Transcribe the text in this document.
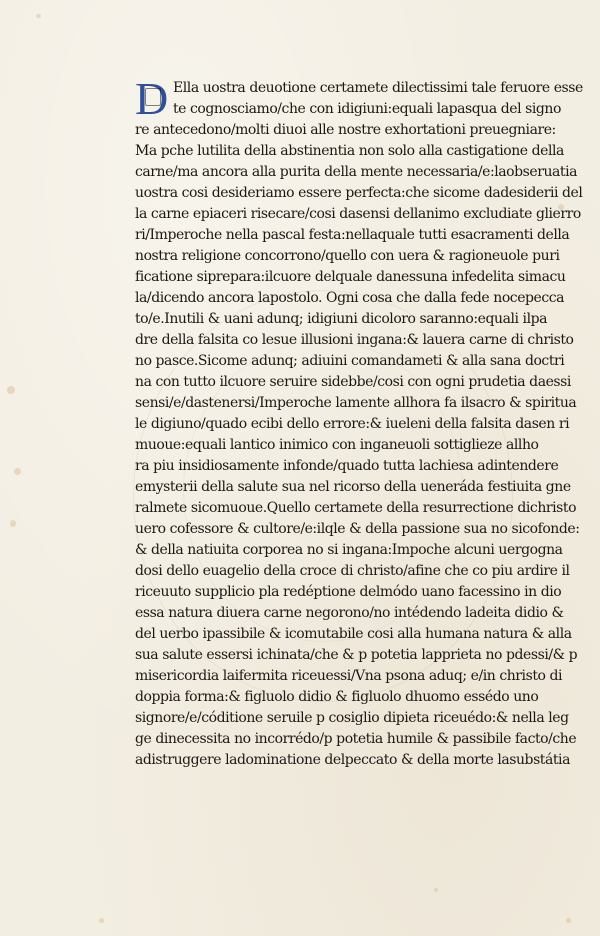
D Ella uostra deuotione certamete dilectissimi tale feruore esse
te cognosciamo/che con idigiuni:equali lapasqua del signo
re antecedono/molti diuoi alle nostre exhortationi preuegniare:
Ma pche lutilita della abstinentia non solo alla castigatione della
carne/ma ancora alla purita della mente necessaria/e:laobseruatia
uostra cosi desideriamo essere perfecta:che sicome dadesiderii del
la carne epiaceri risecare/cosi dasensi dellanimo excludiate glierro
ri/Imperoche nella pascal festa:nellaquale tutti esacramenti della
nostra religione concorrono/quello con uera & ragioneuole puri
ficatione siprepara:ilcuore delquale danessuna infedelita simacu
la/dicendo ancora lapostolo. Ogni cosa che dalla fede nocepecca
to/e.Inutili & uani adunq; idigiuni dicoloro saranno:equali ilpa
dre della falsita co lesue illusioni ingana:& lauera carne di christo
no pasce.Sicome adunq; adiuini comandameti & alla sana doctri
na con tutto ilcuore seruire sidebbe/cosi con ogni prudetia daessi
sensi/e/dastenersi/Imperoche lamente allhora fa ilsacro & spiritua
le digiuno/quado ecibi dello errore:& iueleni della falsita dasen ri
muoue:equali lantico inimico con inganeuoli sottiglieze allho
ra piu insidiosamente infonde/quado tutta lachiesa adintendere
emysterii della salute sua nel ricorso della ueneráda festiuita gne
ralmete sicomuoue.Quello certamete della resurrectione dichristo
uero cofessore & cultore/e:ilqle & della passione sua no sicofonde:
& della natiuita corporea no si ingana:Impoche alcuni uergogna
dosi dello euagelio della croce di christo/afine che co piu ardire il
riceuuto supplicio pla redéptione delmódo uano facessino in dio
essa natura diuera carne negorono/no intédendo ladeita didio &
del uerbo ipassibile & icomutabile cosi alla humana natura & alla
sua salute essersi ichinata/che & p potetia lapprieta no pdessi/& p
misericordia laifermita riceuessi/Vna psona aduq; e/in christo di
doppia forma:& figluolo didio & figluolo dhuomo essédo uno
signore/e/códitione seruile p cosiglio dipieta riceuédo:& nella leg
ge dinecessita no incorrédo/p potetia humile & passibile facto/che
adistruggere ladominatione delpeccato & della morte lasubstátia
